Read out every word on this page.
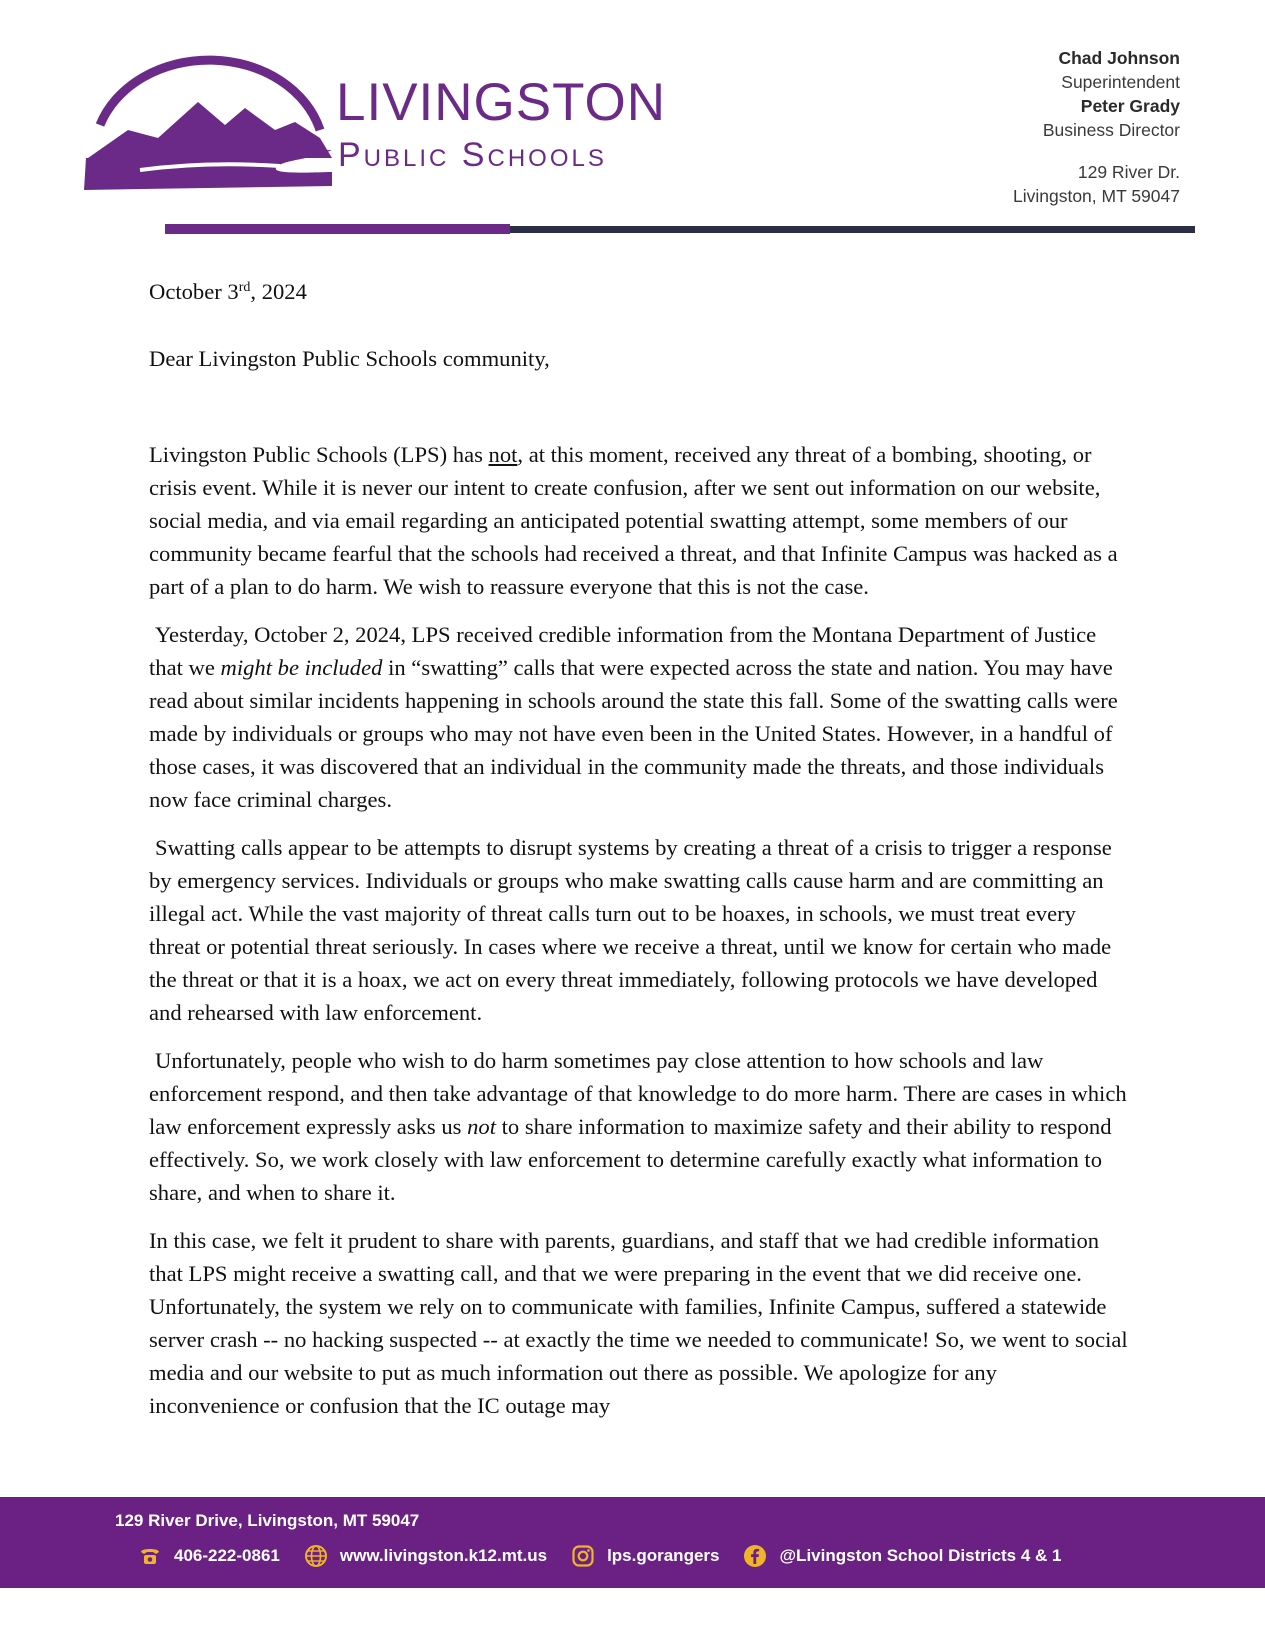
LIVINGSTON
Public Schools
Chad Johnson
Superintendent
Peter Grady
Business Director
129 River Dr.
Livingston, MT 59047

October 3rd, 2024

Dear Livingston Public Schools community,

Livingston Public Schools (LPS) has not, at this moment, received any threat of a bombing, shooting, or crisis event. While it is never our intent to create confusion, after we sent out information on our website, social media, and via email regarding an anticipated potential swatting attempt, some members of our community became fearful that the schools had received a threat, and that Infinite Campus was hacked as a part of a plan to do harm. We wish to reassure everyone that this is not the case.

Yesterday, October 2, 2024, LPS received credible information from the Montana Department of Justice that we might be included in “swatting” calls that were expected across the state and nation. You may have read about similar incidents happening in schools around the state this fall. Some of the swatting calls were made by individuals or groups who may not have even been in the United States. However, in a handful of those cases, it was discovered that an individual in the community made the threats, and those individuals now face criminal charges.

Swatting calls appear to be attempts to disrupt systems by creating a threat of a crisis to trigger a response by emergency services. Individuals or groups who make swatting calls cause harm and are committing an illegal act. While the vast majority of threat calls turn out to be hoaxes, in schools, we must treat every threat or potential threat seriously. In cases where we receive a threat, until we know for certain who made the threat or that it is a hoax, we act on every threat immediately, following protocols we have developed and rehearsed with law enforcement.

Unfortunately, people who wish to do harm sometimes pay close attention to how schools and law enforcement respond, and then take advantage of that knowledge to do more harm. There are cases in which law enforcement expressly asks us not to share information to maximize safety and their ability to respond effectively. So, we work closely with law enforcement to determine carefully exactly what information to share, and when to share it.

In this case, we felt it prudent to share with parents, guardians, and staff that we had credible information that LPS might receive a swatting call, and that we were preparing in the event that we did receive one. Unfortunately, the system we rely on to communicate with families, Infinite Campus, suffered a statewide server crash -- no hacking suspected -- at exactly the time we needed to communicate! So, we went to social media and our website to put as much information out there as possible. We apologize for any inconvenience or confusion that the IC outage may

129 River Drive, Livingston, MT 59047
406-222-0861	www.livingston.k12.mt.us	lps.gorangers	@Livingston School Districts 4 & 1
